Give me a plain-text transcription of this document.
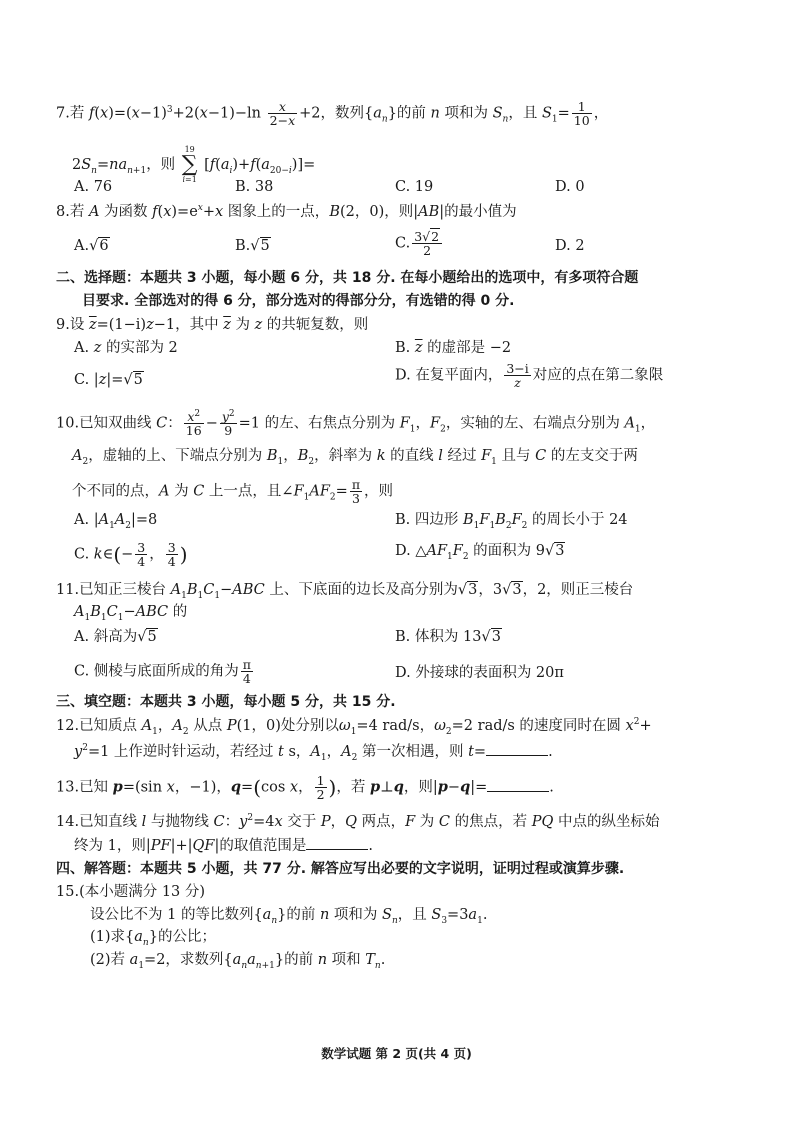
7.若 $f(x)=(x-1)^3+2(x-1)-\ln \frac{x}{2-x} +2$，数列$\{a_n\}$的前 n 项和为 $S_n$，且 $S_1= \frac{1}{10}$ ，
$2S_n=na_{n+1}$，则
19
∑
i=1
$[f(a_i)+f(a_{20-i})]=$
A. 76	B. 38	C. 19	D. 0
8.若 A 为函数 $f(x)=e^x+x$ 图象上的一点，B(2，0)，则|AB|的最小值为
A.√6	B.√5	C. $\frac{3√2}{2}$	D. 2
二、选择题：本题共 3 小题，每小题 6 分，共 18 分. 在每小题给出的选项中，有多项符合题
目要求. 全部选对的得 6 分，部分选对的得部分分，有选错的得 0 分.
9.设 $\overline{z}=(1-i)z-1$，其中 $\overline{z}$ 为 z 的共轭复数，则
A. z 的实部为 2	B. $\overline{z}$ 的虚部是 −2
C. |z|=√5	D. 在复平面内， $\frac{3-i}{z}$ 对应的点在第二象限
10.已知双曲线 C： $\frac{x^2}{16} - \frac{y^2}{9} =1$ 的左、右焦点分别为 $F_1$，$F_2$，实轴的左、右端点分别为 $A_1$，
$A_2$，虚轴的上、下端点分别为 $B_1$，$B_2$，斜率为 k 的直线 l 经过 $F_1$ 且与 C 的左支交于两
个不同的点，A 为 C 上一点，且$\angle F_1AF_2= \frac{\pi}{3}$ ，则
A. $|A_1A_2|=8$	B. 四边形 $B_1F_1B_2F_2$ 的周长小于 24
C. k∈(− $\frac{3}{4}$ ， $\frac{3}{4}$ )	D. $\triangle AF_1F_2$ 的面积为 9√3
11.已知正三棱台 $A_1B_1C_1-ABC$ 上、下底面的边长及高分别为√3，3√3，2，则正三棱台
$A_1B_1C_1-ABC$ 的
A. 斜高为√5	B. 体积为 13√3
C. 侧棱与底面所成的角为 $\frac{\pi}{4}$	D. 外接球的表面积为 20π
三、填空题：本题共 3 小题，每小题 5 分，共 15 分.
12.已知质点 $A_1$，$A_2$ 从点 P(1，0)处分别以$\omega_1=4$ rad/s，$\omega_2=2$ rad/s 的速度同时在圆 $x^2+$
$y^2=1$ 上作逆时针运动，若经过 t s，$A_1$，$A_2$ 第一次相遇，则 t=	.
13.已知 p=(sin x，−1)，q=(cos x， $\frac{1}{2}$ )，若 p⊥q，则|p−q|=	.
14.已知直线 l 与抛物线 C：$y^2=4x$ 交于 P，Q 两点，F 为 C 的焦点，若 PQ 中点的纵坐标始
终为 1，则|PF|+|QF|的取值范围是	.
四、解答题：本题共 5 小题，共 77 分. 解答应写出必要的文字说明，证明过程或演算步骤.
15.(本小题满分 13 分)
设公比不为 1 的等比数列$\{a_n\}$的前 n 项和为 $S_n$，且 $S_3=3a_1$.
(1)求$\{a_n\}$的公比；
(2)若 $a_1=2$，求数列$\{a_na_{n+1}\}$的前 n 项和 $T_n$.
数学试题 第 2 页(共 4 页)
